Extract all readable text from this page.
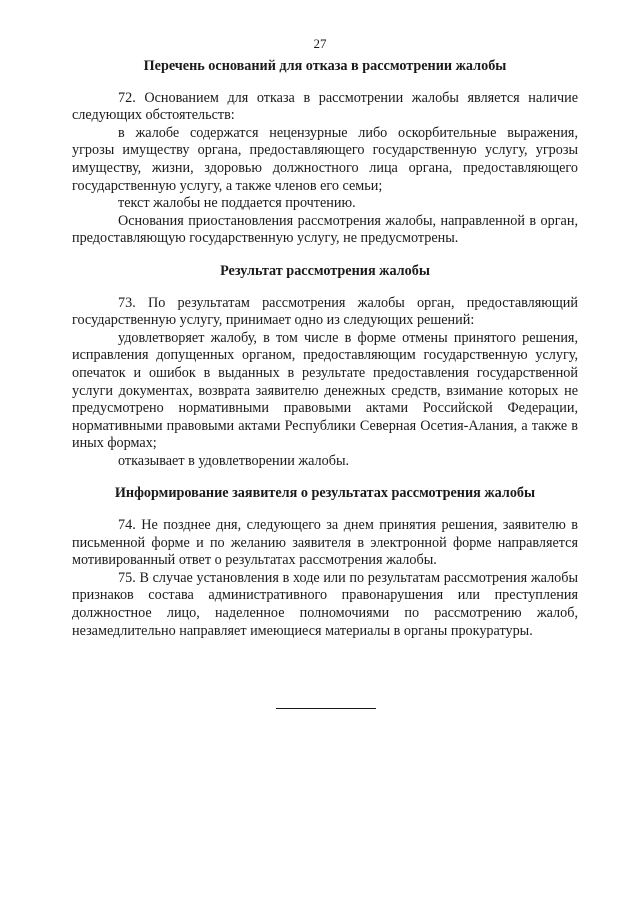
27
Перечень оснований для отказа в рассмотрении жалобы

72. Основанием для отказа в рассмотрении жалобы является наличие следующих обстоятельств:

в жалобе содержатся нецензурные либо оскорбительные выражения, угрозы имуществу органа, предоставляющего государственную услугу, угрозы имуществу, жизни, здоровью должностного лица органа, предоставляющего государственную услугу, а также членов его семьи;

текст жалобы не поддается прочтению.

Основания приостановления рассмотрения жалобы, направленной в орган, предоставляющую государственную услугу, не предусмотрены.

Результат рассмотрения жалобы

73. По результатам рассмотрения жалобы орган, предоставляющий государственную услугу, принимает одно из следующих решений:

удовлетворяет жалобу, в том числе в форме отмены принятого решения, исправления допущенных органом, предоставляющим государственную услугу, опечаток и ошибок в выданных в результате предоставления государственной услуги документах, возврата заявителю денежных средств, взимание которых не предусмотрено нормативными правовыми актами Российской Федерации, нормативными правовыми актами Республики Северная Осетия-Алания, а также в иных формах;

отказывает в удовлетворении жалобы.

Информирование заявителя о результатах рассмотрения жалобы

74. Не позднее дня, следующего за днем принятия решения, заявителю в письменной форме и по желанию заявителя в электронной форме направляется мотивированный ответ о результатах рассмотрения жалобы.

75. В случае установления в ходе или по результатам рассмотрения жалобы признаков состава административного правонарушения или преступления должностное лицо, наделенное полномочиями по рассмотрению жалоб, незамедлительно направляет имеющиеся материалы в органы прокуратуры.
